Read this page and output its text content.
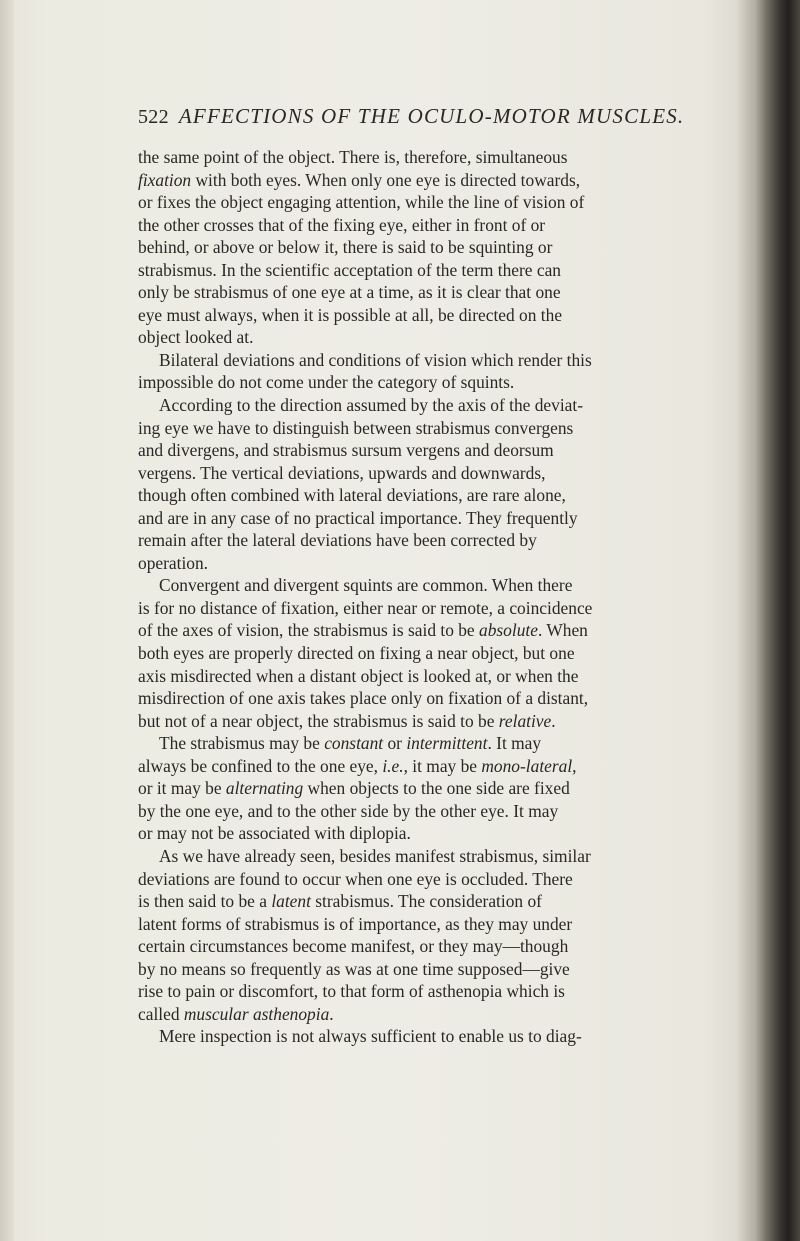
522 AFFECTIONS OF THE OCULO-MOTOR MUSCLES.
the same point of the object. There is, therefore, simultaneous
fixation with both eyes. When only one eye is directed towards,
or fixes the object engaging attention, while the line of vision of
the other crosses that of the fixing eye, either in front of or
behind, or above or below it, there is said to be squinting or
strabismus. In the scientific acceptation of the term there can
only be strabismus of one eye at a time, as it is clear that one
eye must always, when it is possible at all, be directed on the
object looked at.
Bilateral deviations and conditions of vision which render this
impossible do not come under the category of squints.
According to the direction assumed by the axis of the deviat-
ing eye we have to distinguish between strabismus convergens
and divergens, and strabismus sursum vergens and deorsum
vergens. The vertical deviations, upwards and downwards,
though often combined with lateral deviations, are rare alone,
and are in any case of no practical importance. They frequently
remain after the lateral deviations have been corrected by
operation.
Convergent and divergent squints are common. When there
is for no distance of fixation, either near or remote, a coincidence
of the axes of vision, the strabismus is said to be absolute. When
both eyes are properly directed on fixing a near object, but one
axis misdirected when a distant object is looked at, or when the
misdirection of one axis takes place only on fixation of a distant,
but not of a near object, the strabismus is said to be relative.
The strabismus may be constant or intermittent. It may
always be confined to the one eye, i.e., it may be mono-lateral,
or it may be alternating when objects to the one side are fixed
by the one eye, and to the other side by the other eye. It may
or may not be associated with diplopia.
As we have already seen, besides manifest strabismus, similar
deviations are found to occur when one eye is occluded. There
is then said to be a latent strabismus. The consideration of
latent forms of strabismus is of importance, as they may under
certain circumstances become manifest, or they may—though
by no means so frequently as was at one time supposed—give
rise to pain or discomfort, to that form of asthenopia which is
called muscular asthenopia.
Mere inspection is not always sufficient to enable us to diag-
